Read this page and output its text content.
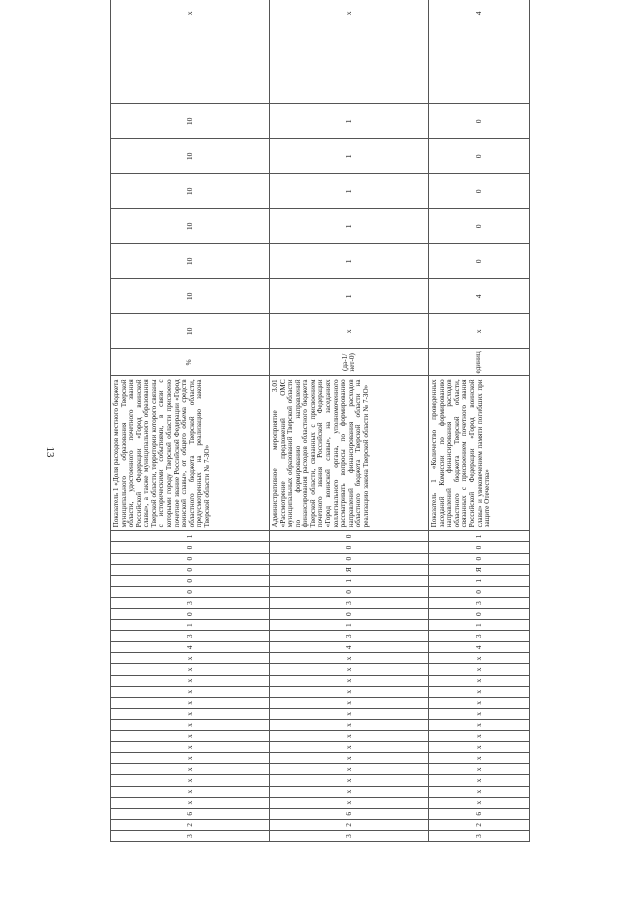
13
3	2	6	х	х	х	х	х	х	х	х	х	х	х	х	х	х	4	3	1	0	3	0	0	0	0	0	1	Показатель 1 «Доля расходов местного бюджета муниципального образования Тверской области, удостоенного почетного звания Российской Федерации «Город воинской славы», а также муниципального образования Тверской области, территории которого связаны с историческими событиями, в связи с которыми городу Тверской области присвоено почетное звание Российской Федерации «Город воинской славы», от общего объема средств областного бюджета Тверской области, предусмотренных на реализацию закона Тверской области № 7-ЗО»	%	10	10	10	10	10	10	10	х
3	2	6	х	х	х	х	х	х	х	х	х	х	х	х	х	х	4	3	1	0	3	0	1	Я	0	0	0	Административное мероприятие 3.01 «Рассмотрение предложений ОМС муниципальных образований Тверской области по формированию направлений финансирования расходов областного бюджета Тверской области, связанных с присвоением почетного звания Российской Федерации «Город воинской славы», на заседаниях коллегиального органа, уполномоченного рассматривать вопросы по формированию направлений финансирования расходов областного бюджета Тверской области на реализацию закона Тверской области № 7-ЗО»	(да-1/ нет-0)	х	1	1	1	1	1	1	х
3	2	6	х	х	х	х	х	х	х	х	х	х	х	х	х	х	4	3	1	0	3	0	1	Я	0	0	1	Показатель 1 «Количество проведенных заседаний Комиссии по формированию направлений финансирования расходов областного бюджета Тверской области, связанных с присвоением почетного звания Российской Федерации «Город воинской славы» и увековечением памяти погибших при защите Отечества»	единиц	х	4	0	0	0	0	0	4
